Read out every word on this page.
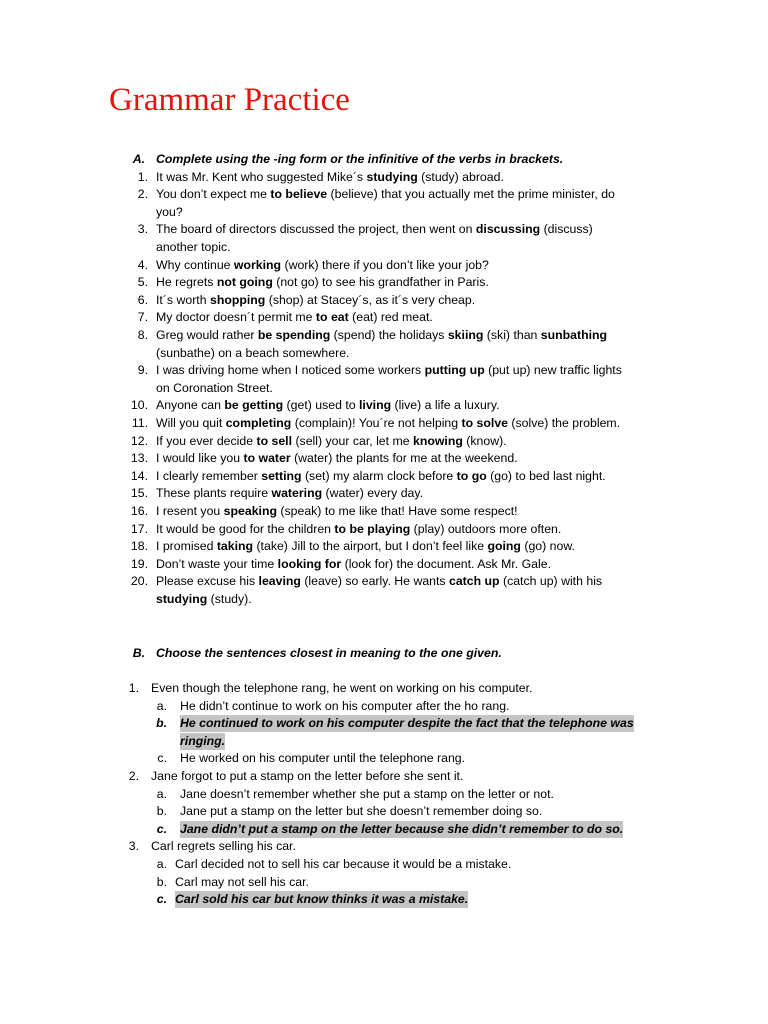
Grammar Practice
A. Complete using the -ing form or the infinitive of the verbs in brackets.
1. It was Mr. Kent who suggested Mike´s studying (study) abroad.
2. You don’t expect me to believe (believe) that you actually met the prime minister, do
you?
3. The board of directors discussed the project, then went on discussing (discuss)
another topic.
4. Why continue working (work) there if you don’t like your job?
5. He regrets not going (not go) to see his grandfather in Paris.
6. It´s worth shopping (shop) at Stacey´s, as it´s very cheap.
7. My doctor doesn´t permit me to eat (eat) red meat.
8. Greg would rather be spending (spend) the holidays skiing (ski) than sunbathing
(sunbathe) on a beach somewhere.
9. I was driving home when I noticed some workers putting up (put up) new traffic lights
on Coronation Street.
10. Anyone can be getting (get) used to living (live) a life a luxury.
11. Will you quit completing (complain)! You´re not helping to solve (solve) the problem.
12. If you ever decide to sell (sell) your car, let me knowing (know).
13. I would like you to water (water) the plants for me at the weekend.
14. I clearly remember setting (set) my alarm clock before to go (go) to bed last night.
15. These plants require watering (water) every day.
16. I resent you speaking (speak) to me like that! Have some respect!
17. It would be good for the children to be playing (play) outdoors more often.
18. I promised taking (take) Jill to the airport, but I don’t feel like going (go) now.
19. Don’t waste your time looking for (look for) the document. Ask Mr. Gale.
20. Please excuse his leaving (leave) so early. He wants catch up (catch up) with his
studying (study).
B. Choose the sentences closest in meaning to the one given.
1. Even though the telephone rang, he went on working on his computer.
a. He didn’t continue to work on his computer after the ho rang.
b. He continued to work on his computer despite the fact that the telephone was
ringing.
c. He worked on his computer until the telephone rang.
2. Jane forgot to put a stamp on the letter before she sent it.
a. Jane doesn’t remember whether she put a stamp on the letter or not.
b. Jane put a stamp on the letter but she doesn’t remember doing so.
c. Jane didn’t put a stamp on the letter because she didn’t remember to do so.
3. Carl regrets selling his car.
a. Carl decided not to sell his car because it would be a mistake.
b. Carl may not sell his car.
c. Carl sold his car but know thinks it was a mistake.
